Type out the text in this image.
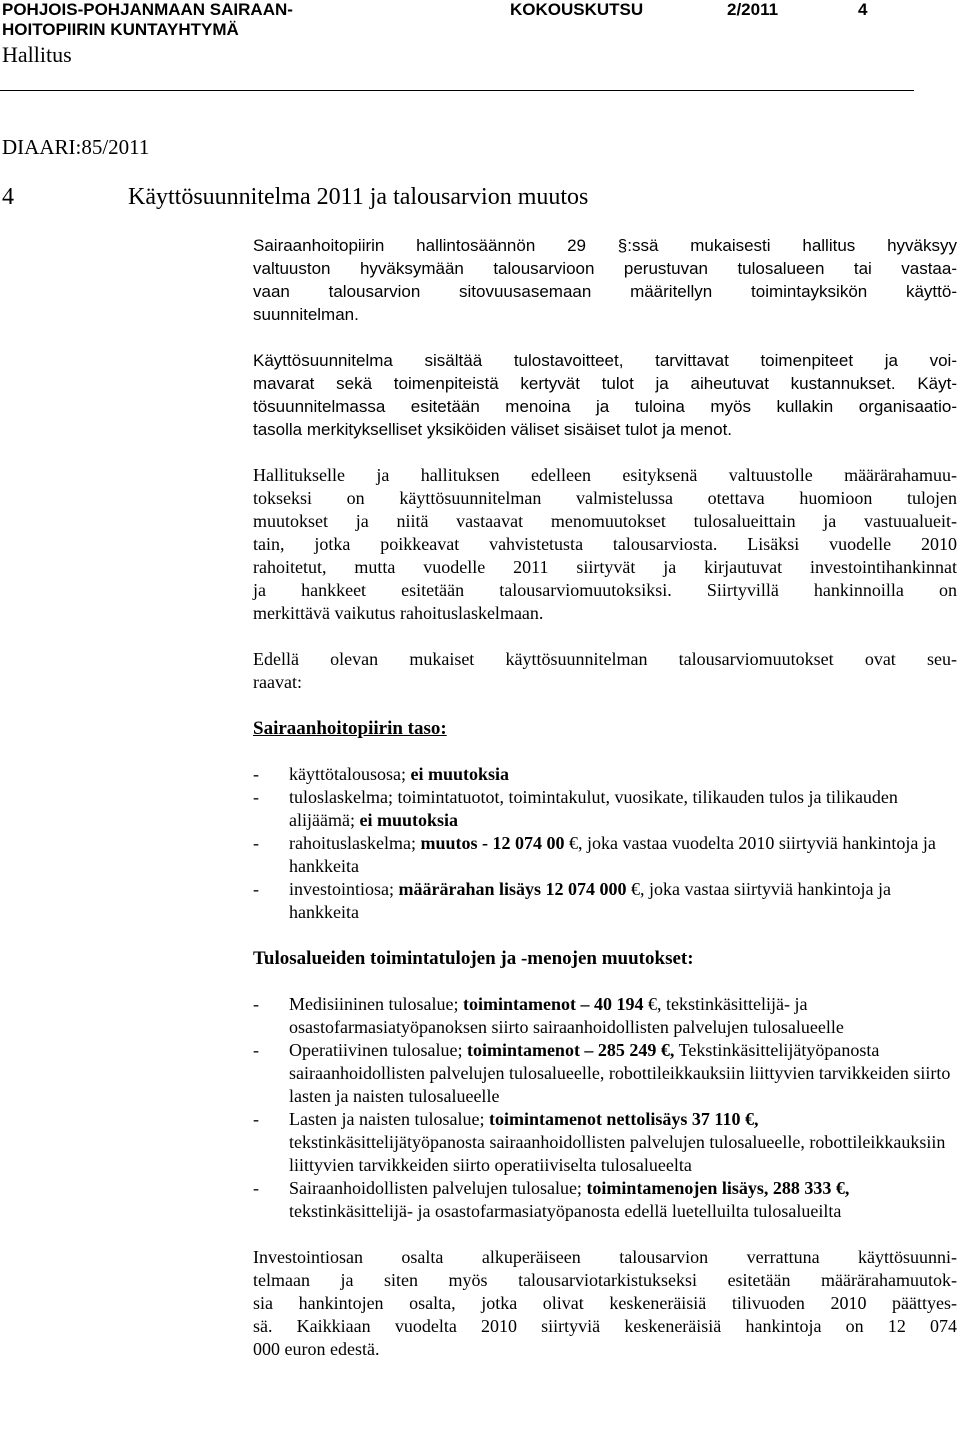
POHJOIS-POHJANMAAN SAIRAAN-
HOITOPIIRIN KUNTAYHTYMÄ
KOKOUSKUTSU	2/2011	4
Hallitus
DIAARI:85/2011
4	Käyttösuunnitelma 2011 ja talousarvion muutos

Sairaanhoitopiirin hallintosäännön 29 §:ssä mukaisesti hallitus hyväksyy
valtuuston hyväksymään talousarvioon perustuvan tulosalueen tai vastaa-
vaan talousarvion sitovuusasemaan määritellyn toimintayksikön käyttö-
suunnitelman.

Käyttösuunnitelma sisältää tulostavoitteet, tarvittavat toimenpiteet ja voi-
mavarat sekä toimenpiteistä kertyvät tulot ja aiheutuvat kustannukset. Käyt-
tösuunnitelmassa esitetään menoina ja tuloina myös kullakin organisaatio-
tasolla merkitykselliset yksiköiden väliset sisäiset tulot ja menot.

Hallitukselle ja hallituksen edelleen esityksenä valtuustolle määrärahamuu-
tokseksi on käyttösuunnitelman valmistelussa otettava huomioon tulojen
muutokset ja niitä vastaavat menomuutokset tulosalueittain ja vastuualueit-
tain, jotka poikkeavat vahvistetusta talousarviosta. Lisäksi vuodelle 2010
rahoitetut, mutta vuodelle 2011 siirtyvät ja kirjautuvat investointihankinnat
ja hankkeet esitetään talousarviomuutoksiksi. Siirtyvillä hankinnoilla on
merkittävä vaikutus rahoituslaskelmaan.

Edellä olevan mukaiset käyttösuunnitelman talousarviomuutokset ovat seu-
raavat:

Sairaanhoitopiirin taso:
- käyttötalousosa; ei muutoksia
- tuloslaskelma; toimintatuotot, toimintakulut, vuosikate, tilikauden tulos ja tilikauden alijäämä; ei muutoksia
- rahoituslaskelma; muutos - 12 074 00 €, joka vastaa vuodelta 2010 siirtyviä hankintoja ja hankkeita
- investointiosa; määrärahan lisäys 12 074 000 €, joka vastaa siirtyviä hankintoja ja hankkeita
Tulosalueiden toimintatulojen ja -menojen muutokset:
- Medisiininen tulosalue; toimintamenot – 40 194 €, tekstinkäsittelijä- ja osastofarmasiatyöpanoksen siirto sairaanhoidollisten palvelujen tulosalueelle
- Operatiivinen tulosalue; toimintamenot – 285 249 €, Tekstinkäsittelijätyöpanosta sairaanhoidollisten palvelujen tulosalueelle, robottileikkauksiin liittyvien tarvikkeiden siirto lasten ja naisten tulosalueelle
- Lasten ja naisten tulosalue; toimintamenot nettolisäys 37 110 €, tekstinkäsittelijätyöpanosta sairaanhoidollisten palvelujen tulosalueelle, robottileikkauksiin liittyvien tarvikkeiden siirto operatiiviselta tulosalueelta
- Sairaanhoidollisten palvelujen tulosalue; toimintamenojen lisäys, 288 333 €, tekstinkäsittelijä- ja osastofarmasiatyöpanosta edellä luetelluilta tulosalueilta

Investointiosan osalta alkuperäiseen talousarvion verrattuna käyttösuunni-
telmaan ja siten myös talousarviotarkistukseksi esitetään määrärahamuutok-
sia hankintojen osalta, jotka olivat keskeneräisiä tilivuoden 2010 päättyes-
sä. Kaikkiaan vuodelta 2010 siirtyviä keskeneräisiä hankintoja on 12 074
000 euron edestä.
